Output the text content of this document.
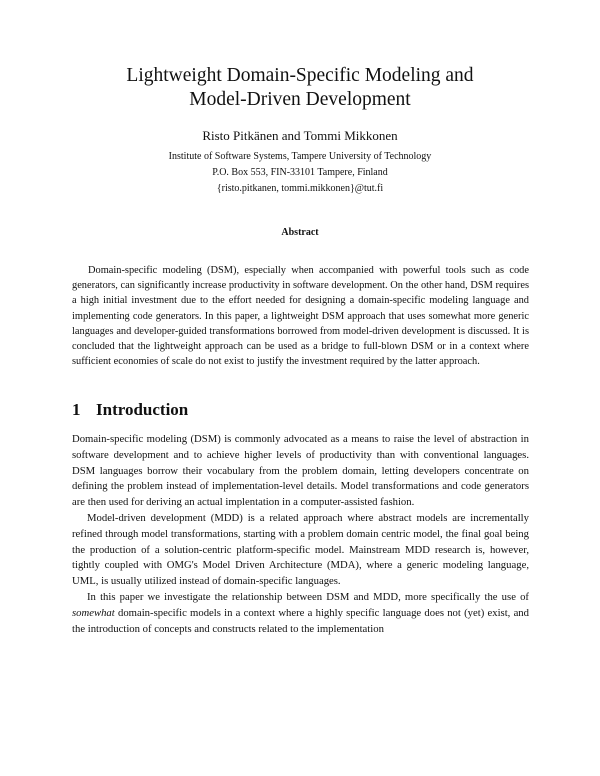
Lightweight Domain-Specific Modeling and
Model-Driven Development
Risto Pitkänen and Tommi Mikkonen
Institute of Software Systems, Tampere University of Technology
P.O. Box 553, FIN-33101 Tampere, Finland
{risto.pitkanen, tommi.mikkonen}@tut.fi
Abstract

Domain-specific modeling (DSM), especially when accompanied with powerful tools such as code generators, can significantly increase productivity in software development. On the other hand, DSM requires a high initial investment due to the effort needed for designing a domain-specific modeling language and implementing code generators. In this paper, a lightweight DSM approach that uses somewhat more generic languages and developer-guided transformations borrowed from model-driven development is discussed. It is concluded that the lightweight approach can be used as a bridge to full-blown DSM or in a context where sufficient economies of scale do not exist to justify the investment required by the latter approach.

1 Introduction

Domain-specific modeling (DSM) is commonly advocated as a means to raise the level of abstraction in software development and to achieve higher levels of productivity than with conventional languages. DSM languages borrow their vocabulary from the problem domain, letting developers concentrate on defining the problem instead of implementation-level details. Model transformations and code generators are then used for deriving an actual implentation in a computer-assisted fashion.

Model-driven development (MDD) is a related approach where abstract models are incrementally refined through model transformations, starting with a problem domain centric model, the final goal being the production of a solution-centric platform-specific model. Mainstream MDD research is, however, tightly coupled with OMG's Model Driven Architecture (MDA), where a generic modeling language, UML, is usually utilized instead of domain-specific languages.

In this paper we investigate the relationship between DSM and MDD, more specifically the use of somewhat domain-specific models in a context where a highly specific language does not (yet) exist, and the introduction of concepts and constructs related to the implementation
